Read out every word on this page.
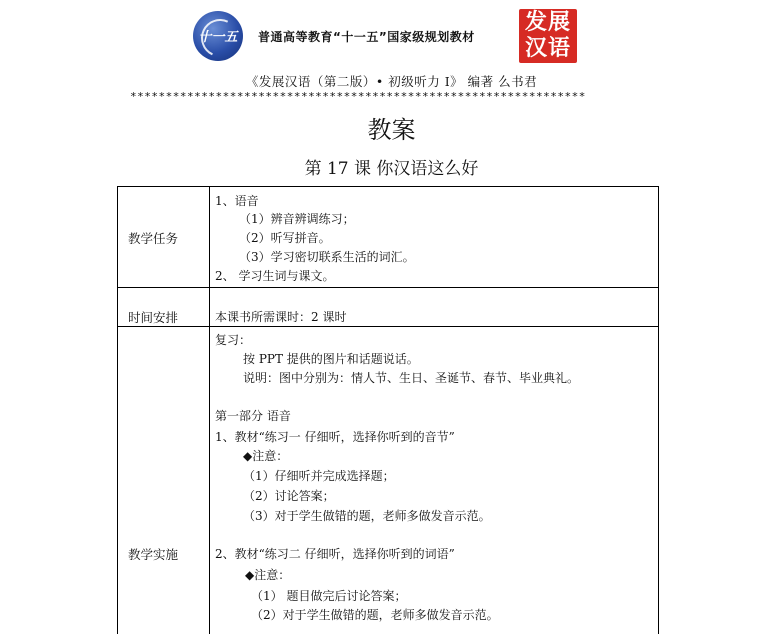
十一五	普通高等教育“十一五”国家级规划教材
发展
汉语
《发展汉语（第二版）• 初级听力 I》 编著 么书君
****************************************************************
教案
第 17 课 你汉语这么好
教学任务
1、语音
（1）辨音辨调练习；
（2）听写拼音。
（3）学习密切联系生活的词汇。
2、 学习生词与课文。
时间安排	本课书所需课时：2 课时
教学实施
复习：
按 PPT 提供的图片和话题说话。
说明：图中分别为：情人节、生日、圣诞节、春节、毕业典礼。
第一部分 语音
1、教材“练习一 仔细听，选择你听到的音节”
◆注意：
（1）仔细听并完成选择题；
（2）讨论答案；
（3）对于学生做错的题，老师多做发音示范。
2、教材“练习二 仔细听，选择你听到的词语”
◆注意：
（1） 题目做完后讨论答案；
（2）对于学生做错的题，老师多做发音示范。
